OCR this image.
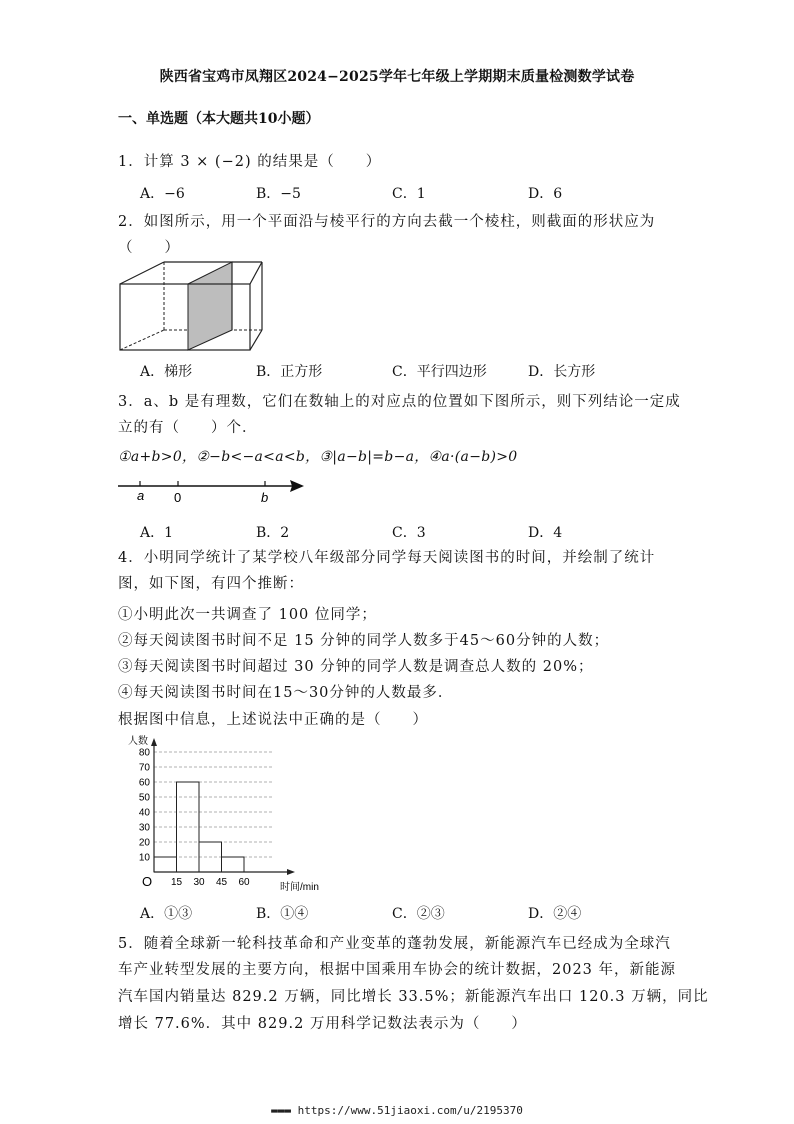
陕西省宝鸡市凤翔区2024−2025学年七年级上学期期末质量检测数学试卷
一、单选题（本大题共10小题）
1．计算 3 × (−2) 的结果是（　　）
A．−6	B．−5	C．1	D．6
2．如图所示，用一个平面沿与棱平行的方向去截一个棱柱，则截面的形状应为
（　　）
A．梯形	B．正方形	C．平行四边形	D．长方形
3．a、b 是有理数，它们在数轴上的对应点的位置如下图所示，则下列结论一定成
立的有（　　）个．
①a+b>0，②−b<−a<a<b，③|a−b|=b−a，④a·(a−b)>0
a 0	b
A．1	B．2	C．3	D．4
4．小明同学统计了某学校八年级部分同学每天阅读图书的时间，并绘制了统计
图，如下图，有四个推断：
①小明此次一共调查了 100 位同学；
②每天阅读图书时间不足 15 分钟的同学人数多于45～60分钟的人数；
③每天阅读图书时间超过 30 分钟的同学人数是调查总人数的 20%；
④每天阅读图书时间在15～30分钟的人数最多．
根据图中信息，上述说法中正确的是（　　）
人数
时间/min
O
10
20
30
40
50
60
70
80
15 30 45 60
A．①③	B．①④	C．②③	D．②④
5．随着全球新一轮科技革命和产业变革的蓬勃发展，新能源汽车已经成为全球汽
车产业转型发展的主要方向，根据中国乘用车协会的统计数据，2023 年，新能源
汽车国内销量达 829.2 万辆，同比增长 33.5%；新能源汽车出口 120.3 万辆，同比
增长 77.6%．其中 829.2 万用科学记数法表示为（　　）
▬▬▬ https://www.51jiaoxi.com/u/2195370
